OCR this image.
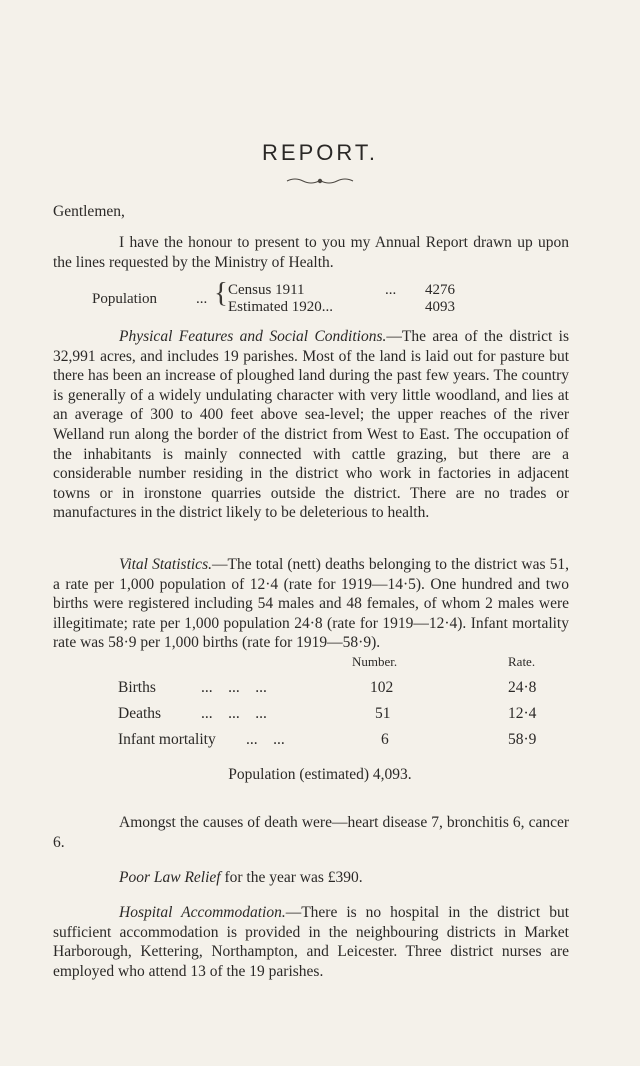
REPORT.
Gentlemen,

I have the honour to present to you my Annual Report drawn up upon the lines requested by the Ministry of Health.

Population	... { Census 1911	... 4276
Estimated 1920...	4093

Physical Features and Social Conditions.—The area of the district is 32,991 acres, and includes 19 parishes. Most of the land is laid out for pasture but there has been an increase of ploughed land during the past few years. The country is generally of a widely undulating character with very little woodland, and lies at an average of 300 to 400 feet above sea-level; the upper reaches of the river Welland run along the border of the district from West to East. The occupation of the inhabitants is mainly connected with cattle grazing, but there are a considerable number residing in the district who work in factories in adjacent towns or in ironstone quarries outside the district. There are no trades or manufactures in the district likely to be deleterious to health.

Vital Statistics.—The total (nett) deaths belonging to the district was 51, a rate per 1,000 population of 12·4 (rate for 1919—14·5). One hundred and two births were registered including 54 males and 48 females, of whom 2 males were illegitimate; rate per 1,000 population 24·8 (rate for 1919—12·4). Infant mortality rate was 58·9 per 1,000 births (rate for 1919—58·9).

Number.	Rate.
Births	...    ...    ...	102	24·8
Deaths	...    ...    ...	51	12·4
Infant mortality ...    ...	6	58·9
Population (estimated) 4,093.

Amongst the causes of death were—heart disease 7, bronchitis 6, cancer 6.

Poor Law Relief for the year was £390.

Hospital Accommodation.—There is no hospital in the district but sufficient accommodation is provided in the neighbouring districts in Market Harborough, Kettering, Northampton, and Leicester. Three district nurses are employed who attend 13 of the 19 parishes.
